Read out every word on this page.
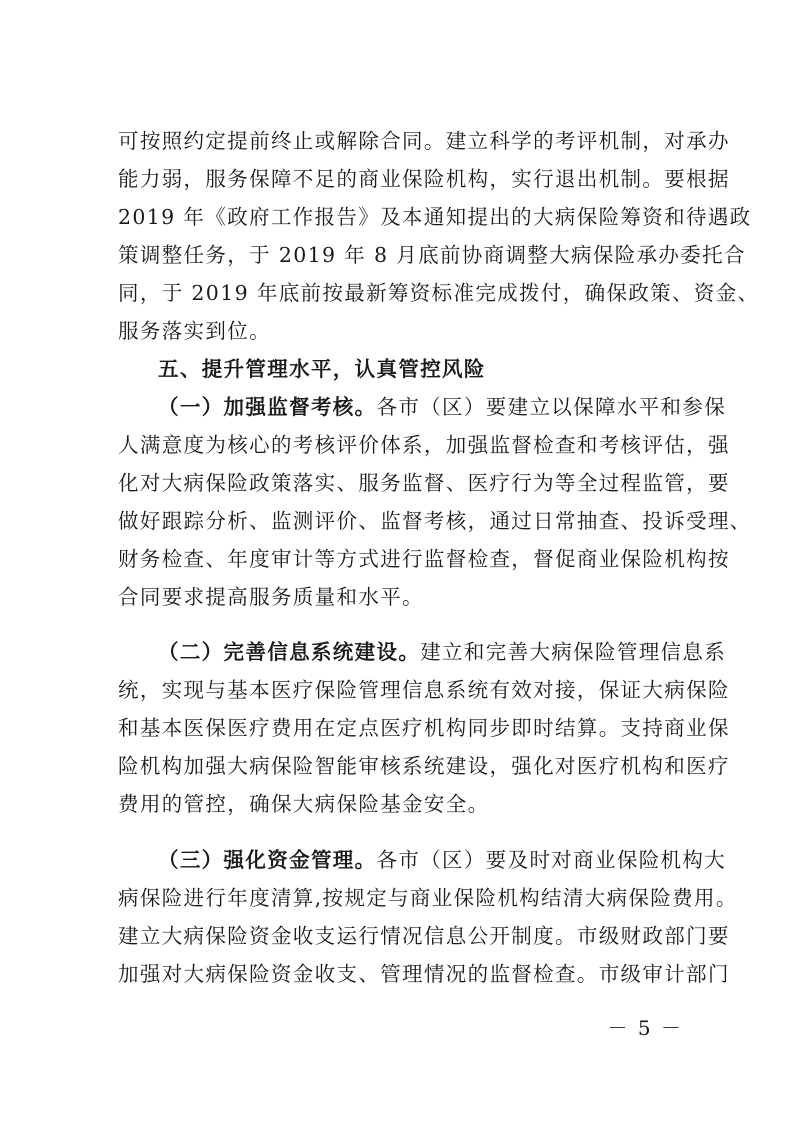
可按照约定提前终止或解除合同。建立科学的考评机制，对承办
能力弱，服务保障不足的商业保险机构，实行退出机制。要根据
2019 年《政府工作报告》及本通知提出的大病保险筹资和待遇政
策调整任务，于 2019 年 8 月底前协商调整大病保险承办委托合
同，于 2019 年底前按最新筹资标准完成拨付，确保政策、资金、
服务落实到位。
五、提升管理水平，认真管控风险
（一）加强监督考核。各市（区）要建立以保障水平和参保
人满意度为核心的考核评价体系，加强监督检查和考核评估，强
化对大病保险政策落实、服务监督、医疗行为等全过程监管，要
做好跟踪分析、监测评价、监督考核，通过日常抽查、投诉受理、
财务检查、年度审计等方式进行监督检查，督促商业保险机构按
合同要求提高服务质量和水平。
（二）完善信息系统建设。建立和完善大病保险管理信息系
统，实现与基本医疗保险管理信息系统有效对接，保证大病保险
和基本医保医疗费用在定点医疗机构同步即时结算。支持商业保
险机构加强大病保险智能审核系统建设，强化对医疗机构和医疗
费用的管控，确保大病保险基金安全。
（三）强化资金管理。各市（区）要及时对商业保险机构大
病保险进行年度清算,按规定与商业保险机构结清大病保险费用。
建立大病保险资金收支运行情况信息公开制度。市级财政部门要
加强对大病保险资金收支、管理情况的监督检查。市级审计部门
－ 5 －
